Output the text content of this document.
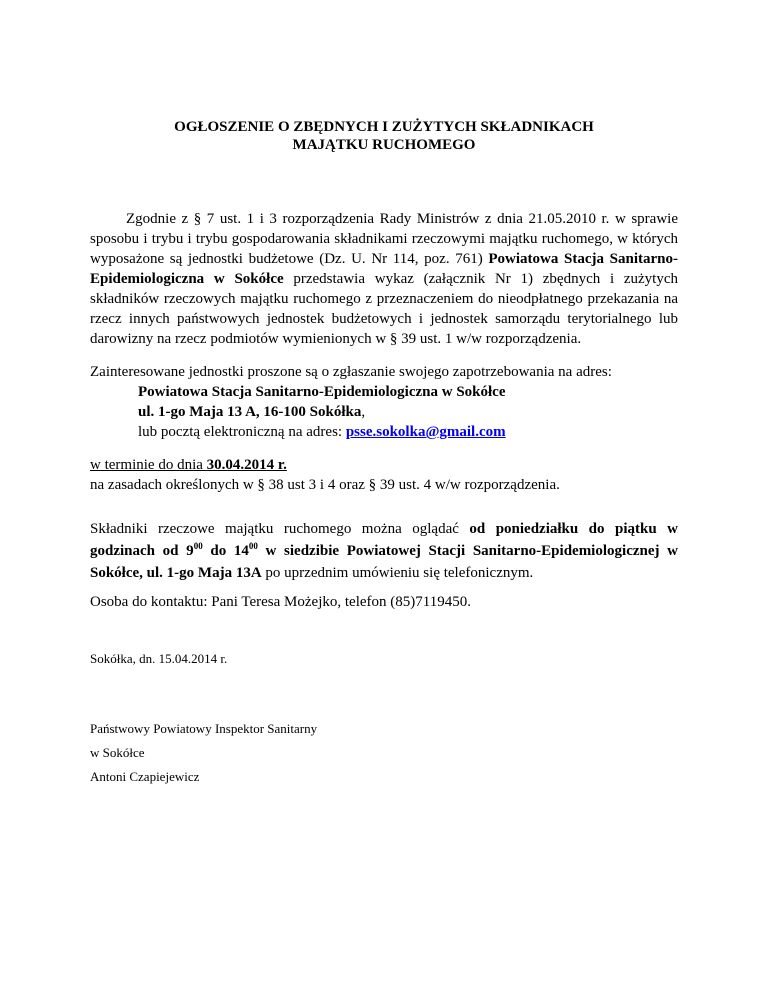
OGŁOSZENIE O ZBĘDNYCH I ZUŻYTYCH SKŁADNIKACH

MAJĄTKU RUCHOMEGO

Zgodnie z § 7 ust. 1 i 3 rozporządzenia Rady Ministrów z dnia 21.05.2010 r. w sprawie sposobu i trybu i trybu gospodarowania składnikami rzeczowymi majątku ruchomego, w których wyposażone są jednostki budżetowe (Dz. U. Nr 114, poz. 761) Powiatowa Stacja Sanitarno- Epidemiologiczna w Sokółce przedstawia wykaz (załącznik Nr 1) zbędnych i zużytych składników rzeczowych majątku ruchomego z przeznaczeniem do nieodpłatnego przekazania na rzecz innych państwowych jednostek budżetowych i jednostek samorządu terytorialnego lub darowizny na rzecz podmiotów wymienionych w § 39 ust. 1 w/w rozporządzenia.

Zainteresowane jednostki proszone są o zgłaszanie swojego zapotrzebowania na adres:

Powiatowa Stacja Sanitarno-Epidemiologiczna w Sokółce

ul. 1-go Maja 13 A, 16-100 Sokółka,

lub pocztą elektroniczną na adres: psse.sokolka@gmail.com

w terminie do dnia 30.04.2014 r.

na zasadach określonych w § 38 ust 3 i 4 oraz § 39 ust. 4 w/w rozporządzenia.

Składniki rzeczowe majątku ruchomego można oglądać od poniedziałku do piątku w godzinach od $9^{00}$ do $14^{00}$ w siedzibie Powiatowej Stacji Sanitarno-Epidemiologicznej w Sokółce, ul. 1-go Maja 13A po uprzednim umówieniu się telefonicznym.

Osoba do kontaktu: Pani Teresa Możejko, telefon (85)7119450.

Sokółka, dn. 15.04.2014 r.

Państwowy Powiatowy Inspektor Sanitarny

w Sokółce

Antoni Czapiejewicz
